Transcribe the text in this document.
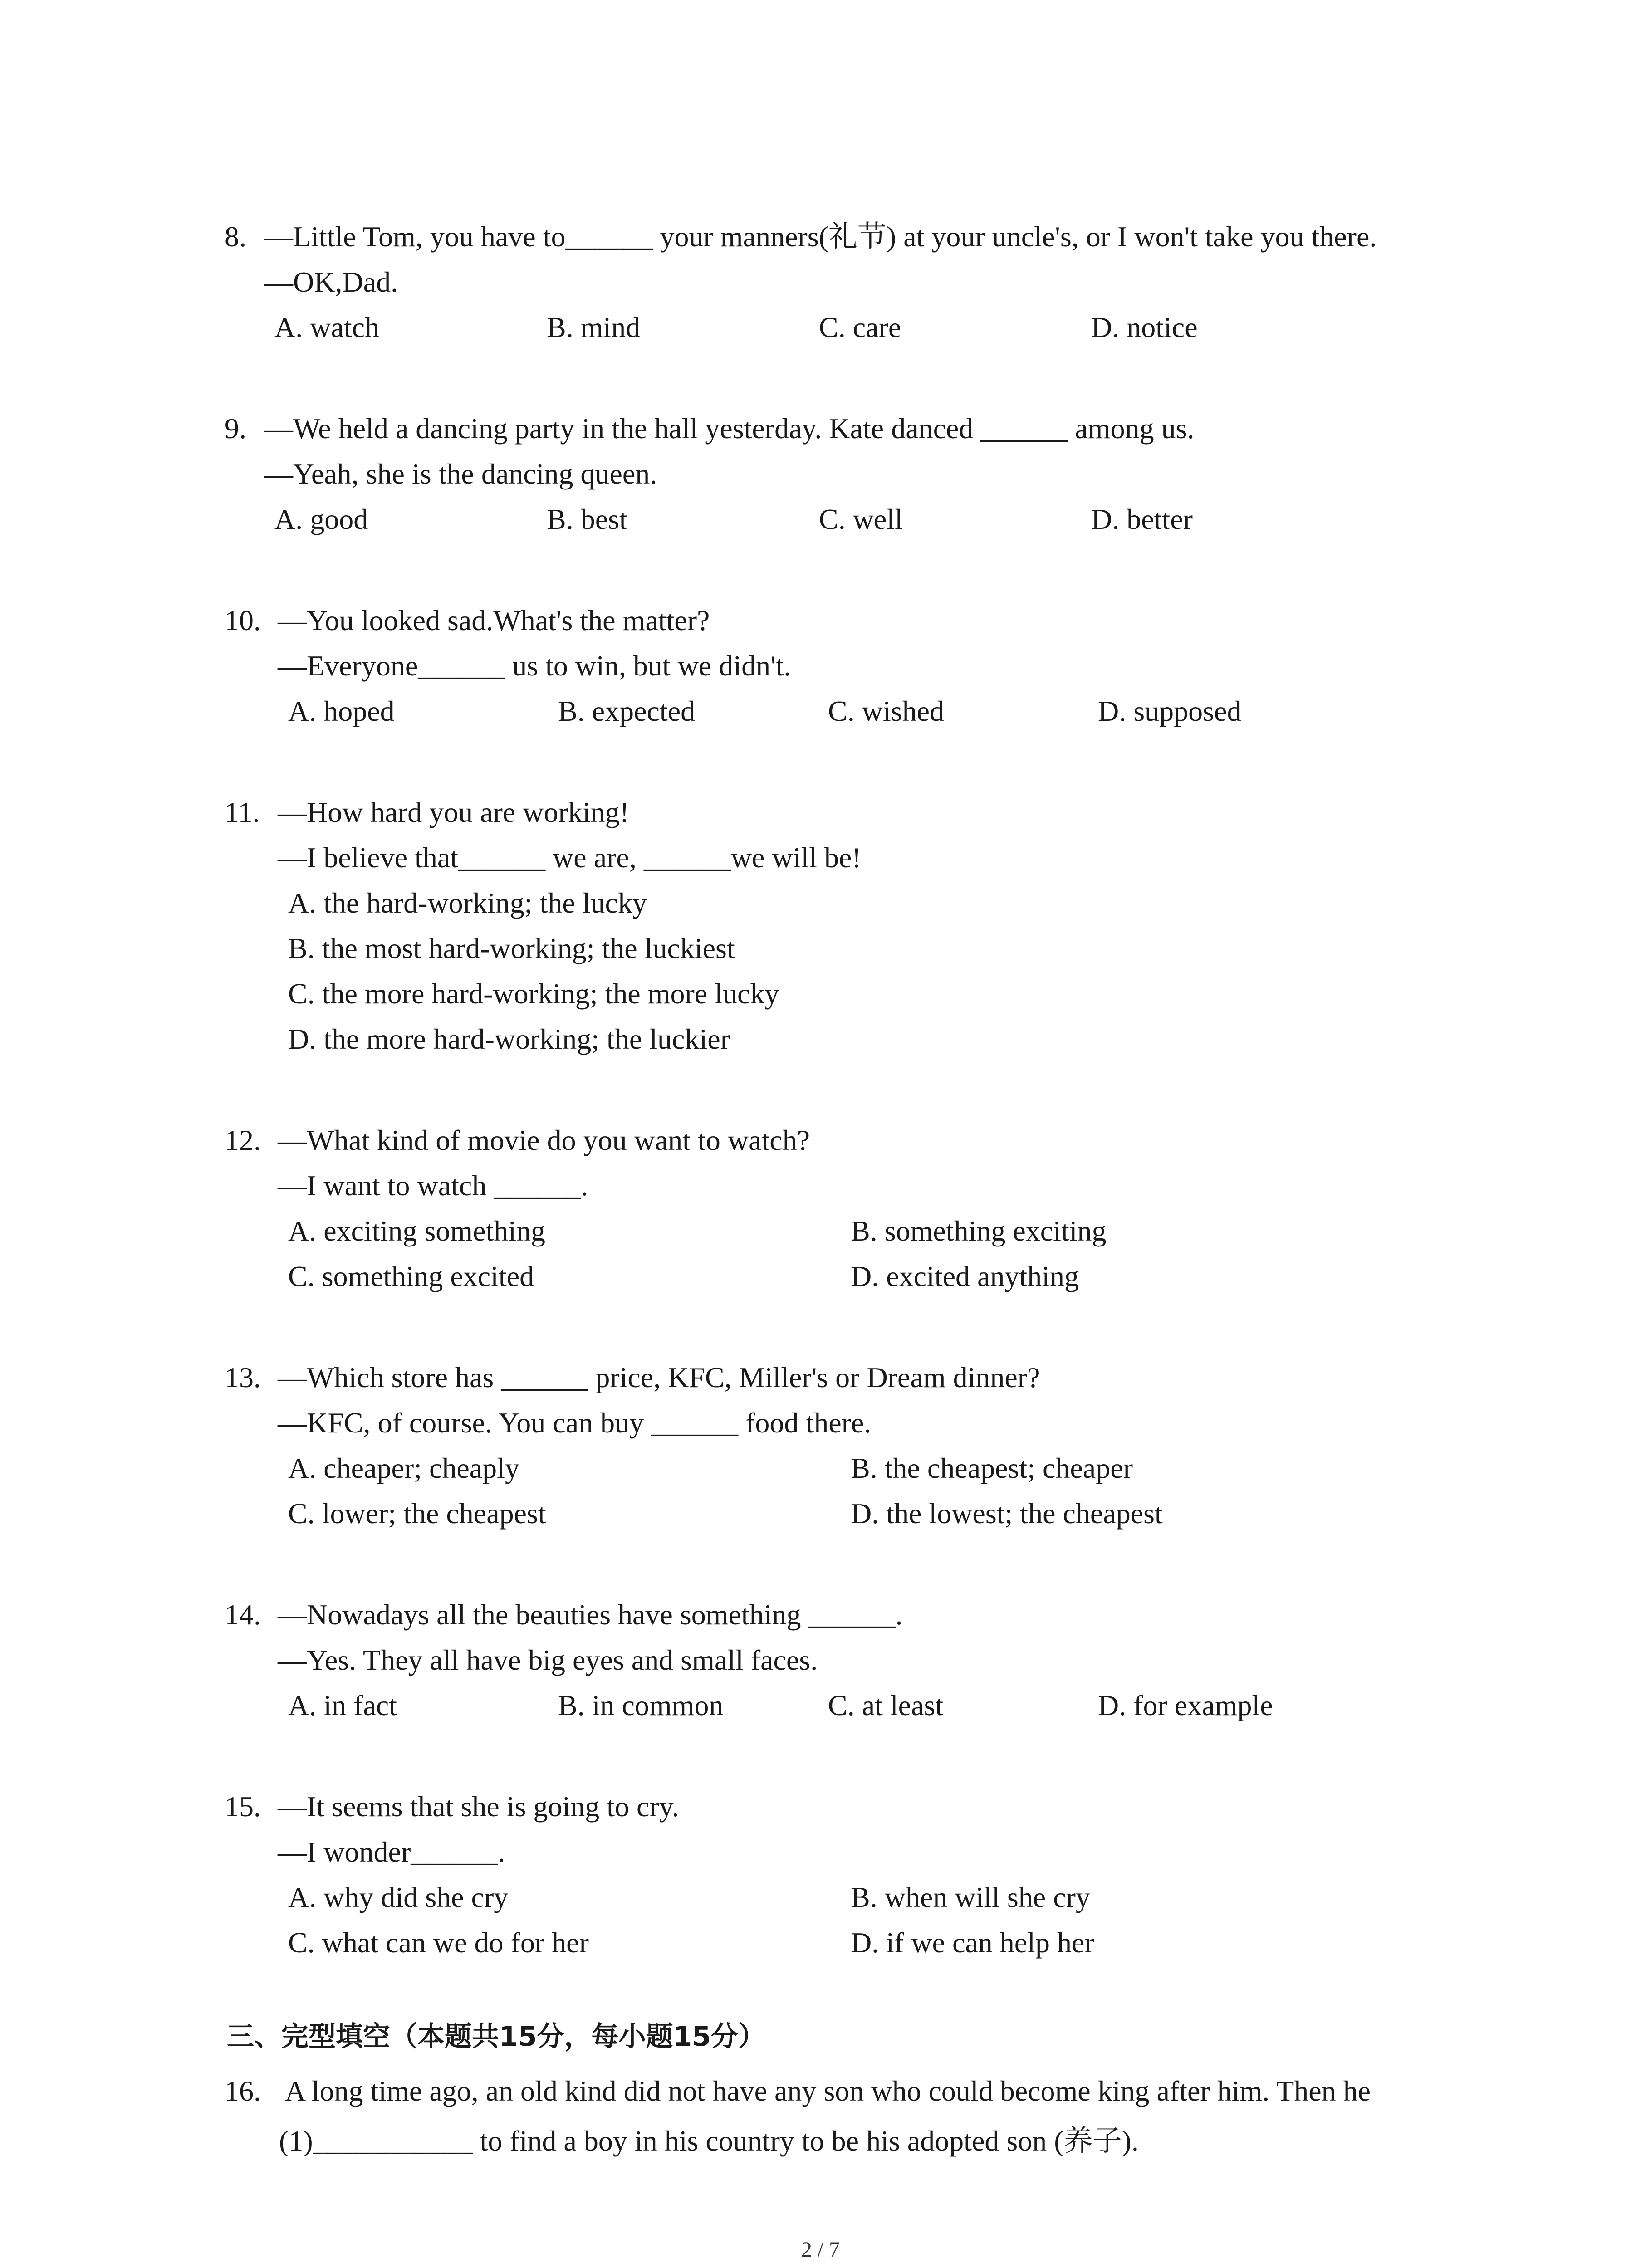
8. —Little Tom, you have to______ your manners(礼节) at your uncle's, or I won't take you there.
—OK,Dad.
A. watch	B. mind	C. care	D. notice
9. —We held a dancing party in the hall yesterday. Kate danced ______ among us.
—Yeah, she is the dancing queen.
A. good	B. best	C. well	D. better
10. —You looked sad.What's the matter?
—Everyone______ us to win, but we didn't.
A. hoped	B. expected	C. wished	D. supposed
11. —How hard you are working!
—I believe that______ we are, ______we will be!
A. the hard-working; the lucky
B. the most hard-working; the luckiest
C. the more hard-working; the more lucky
D. the more hard-working; the luckier
12. —What kind of movie do you want to watch?
—I want to watch ______.
A. exciting something	B. something exciting
C. something excited	D. excited anything
13. —Which store has ______ price, KFC, Miller's or Dream dinner?
—KFC, of course. You can buy ______ food there.
A. cheaper; cheaply	B. the cheapest; cheaper
C. lower; the cheapest	D. the lowest; the cheapest
14. —Nowadays all the beauties have something ______.
—Yes. They all have big eyes and small faces.
A. in fact	B. in common	C. at least	D. for example
15. —It seems that she is going to cry.
—I wonder______.
A. why did she cry	B. when will she cry
C. what can we do for her	D. if we can help her
三、完型填空（本题共15分，每小题15分）
16. A long time ago, an old kind did not have any son who could become king after him. Then he
(1)___________ to find a boy in his country to be his adopted son (养子).
2 / 7
